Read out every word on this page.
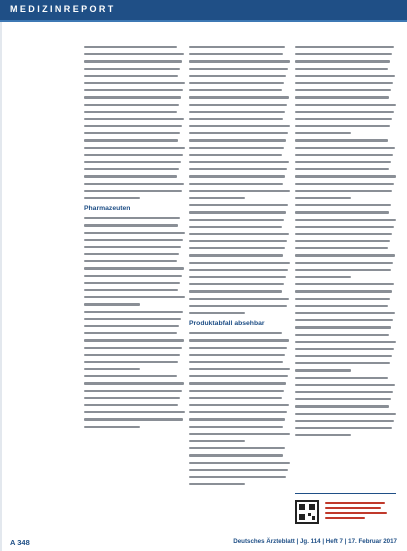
MEDIZINREPORT
Pharmazeuten
Produktabfall absehbar
A 348	Deutsches Ärzteblatt | Jg. 114 | Heft 7 | 17. Februar 2017
